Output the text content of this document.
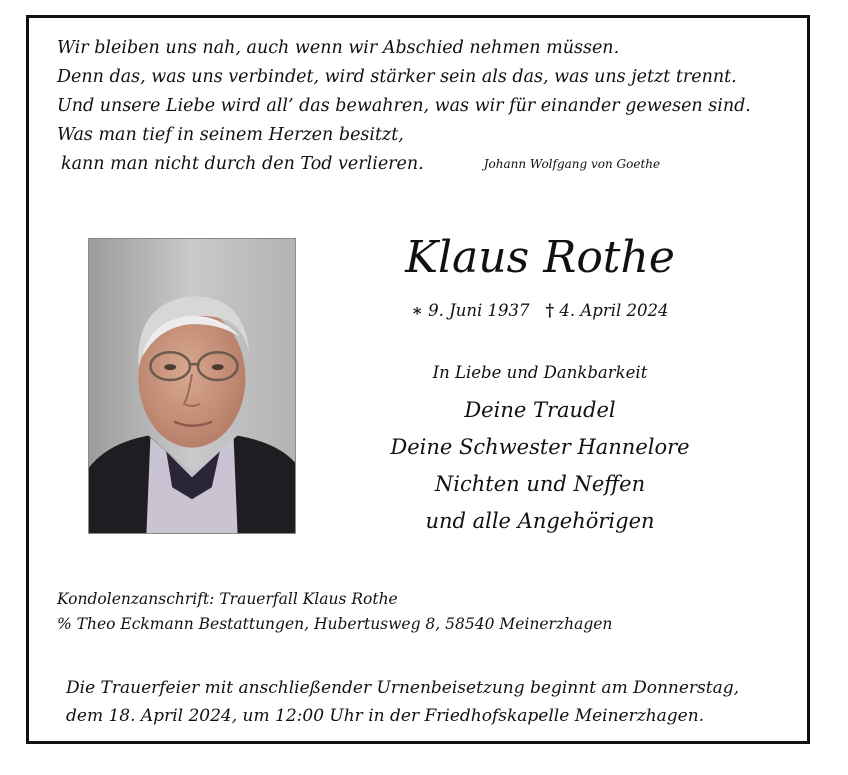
Wir bleiben uns nah, auch wenn wir Abschied nehmen müssen.
Denn das, was uns verbindet, wird stärker sein als das, was uns jetzt trennt.
Und unsere Liebe wird all’ das bewahren, was wir für einander gewesen sind.
Was man tief in seinem Herzen besitzt,
kann man nicht durch den Tod verlieren.	Johann Wolfgang von Goethe
Klaus Rothe
∗ 9. Juni 1937 † 4. April 2024
In Liebe und Dankbarkeit
Deine Traudel
Deine Schwester Hannelore
Nichten und Neffen
und alle Angehörigen
Kondolenzanschrift: Trauerfall Klaus Rothe
% Theo Eckmann Bestattungen, Hubertusweg 8, 58540 Meinerzhagen
Die Trauerfeier mit anschließender Urnenbeisetzung beginnt am Donnerstag,
dem 18. April 2024, um 12:00 Uhr in der Friedhofskapelle Meinerzhagen.
